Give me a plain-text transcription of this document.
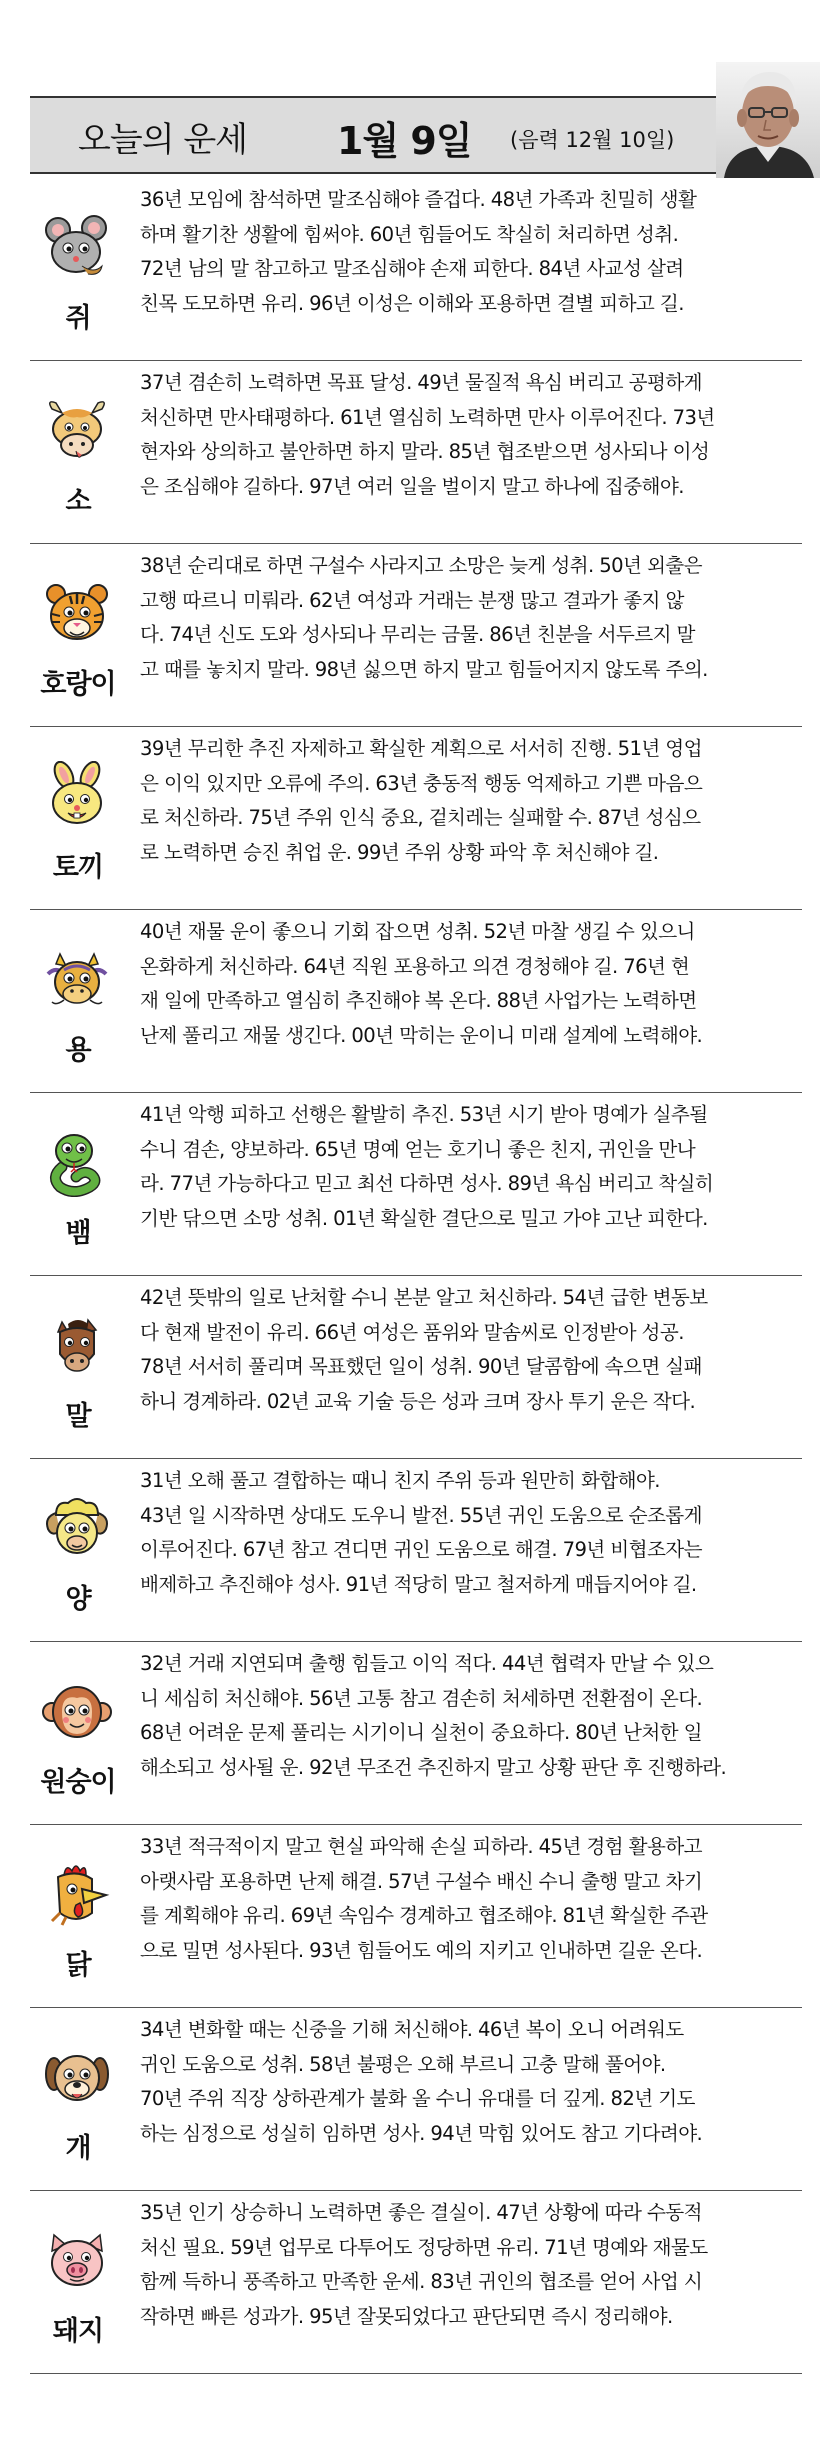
오늘의 운세 1월 9일 (음력 12월 10일)
쥐

36년 모임에 참석하면 말조심해야 즐겁다. 48년 가족과 친밀히 생활
하며 활기찬 생활에 힘써야. 60년 힘들어도 착실히 처리하면 성취.
72년 남의 말 참고하고 말조심해야 손재 피한다. 84년 사교성 살려
친목 도모하면 유리. 96년 이성은 이해와 포용하면 결별 피하고 길.

소

37년 겸손히 노력하면 목표 달성. 49년 물질적 욕심 버리고 공평하게
처신하면 만사태평하다. 61년 열심히 노력하면 만사 이루어진다. 73년
현자와 상의하고 불안하면 하지 말라. 85년 협조받으면 성사되나 이성
은 조심해야 길하다. 97년 여러 일을 벌이지 말고 하나에 집중해야.

호랑이

38년 순리대로 하면 구설수 사라지고 소망은 늦게 성취. 50년 외출은
고행 따르니 미뤄라. 62년 여성과 거래는 분쟁 많고 결과가 좋지 않
다. 74년 신도 도와 성사되나 무리는 금물. 86년 친분을 서두르지 말
고 때를 놓치지 말라. 98년 싫으면 하지 말고 힘들어지지 않도록 주의.

토끼

39년 무리한 추진 자제하고 확실한 계획으로 서서히 진행. 51년 영업
은 이익 있지만 오류에 주의. 63년 충동적 행동 억제하고 기쁜 마음으
로 처신하라. 75년 주위 인식 중요, 겉치레는 실패할 수. 87년 성심으
로 노력하면 승진 취업 운. 99년 주위 상황 파악 후 처신해야 길.

용

40년 재물 운이 좋으니 기회 잡으면 성취. 52년 마찰 생길 수 있으니
온화하게 처신하라. 64년 직원 포용하고 의견 경청해야 길. 76년 현
재 일에 만족하고 열심히 추진해야 복 온다. 88년 사업가는 노력하면
난제 풀리고 재물 생긴다. 00년 막히는 운이니 미래 설계에 노력해야.

뱀

41년 악행 피하고 선행은 활발히 추진. 53년 시기 받아 명예가 실추될
수니 겸손, 양보하라. 65년 명예 얻는 호기니 좋은 친지, 귀인을 만나
라. 77년 가능하다고 믿고 최선 다하면 성사. 89년 욕심 버리고 착실히
기반 닦으면 소망 성취. 01년 확실한 결단으로 밀고 가야 고난 피한다.

말

42년 뜻밖의 일로 난처할 수니 본분 알고 처신하라. 54년 급한 변동보
다 현재 발전이 유리. 66년 여성은 품위와 말솜씨로 인정받아 성공.
78년 서서히 풀리며 목표했던 일이 성취. 90년 달콤함에 속으면 실패
하니 경계하라. 02년 교육 기술 등은 성과 크며 장사 투기 운은 작다.

양

31년 오해 풀고 결합하는 때니 친지 주위 등과 원만히 화합해야.
43년 일 시작하면 상대도 도우니 발전. 55년 귀인 도움으로 순조롭게
이루어진다. 67년 참고 견디면 귀인 도움으로 해결. 79년 비협조자는
배제하고 추진해야 성사. 91년 적당히 말고 철저하게 매듭지어야 길.

원숭이

32년 거래 지연되며 출행 힘들고 이익 적다. 44년 협력자 만날 수 있으
니 세심히 처신해야. 56년 고통 참고 겸손히 처세하면 전환점이 온다.
68년 어려운 문제 풀리는 시기이니 실천이 중요하다. 80년 난처한 일
해소되고 성사될 운. 92년 무조건 추진하지 말고 상황 판단 후 진행하라.

닭

33년 적극적이지 말고 현실 파악해 손실 피하라. 45년 경험 활용하고
아랫사람 포용하면 난제 해결. 57년 구설수 배신 수니 출행 말고 차기
를 계획해야 유리. 69년 속임수 경계하고 협조해야. 81년 확실한 주관
으로 밀면 성사된다. 93년 힘들어도 예의 지키고 인내하면 길운 온다.

개

34년 변화할 때는 신중을 기해 처신해야. 46년 복이 오니 어려워도
귀인 도움으로 성취. 58년 불평은 오해 부르니 고충 말해 풀어야.
70년 주위 직장 상하관계가 불화 올 수니 유대를 더 깊게. 82년 기도
하는 심정으로 성실히 임하면 성사. 94년 막힘 있어도 참고 기다려야.

돼지

35년 인기 상승하니 노력하면 좋은 결실이. 47년 상황에 따라 수동적
처신 필요. 59년 업무로 다투어도 정당하면 유리. 71년 명예와 재물도
함께 득하니 풍족하고 만족한 운세. 83년 귀인의 협조를 얻어 사업 시
작하면 빠른 성과가. 95년 잘못되었다고 판단되면 즉시 정리해야.
